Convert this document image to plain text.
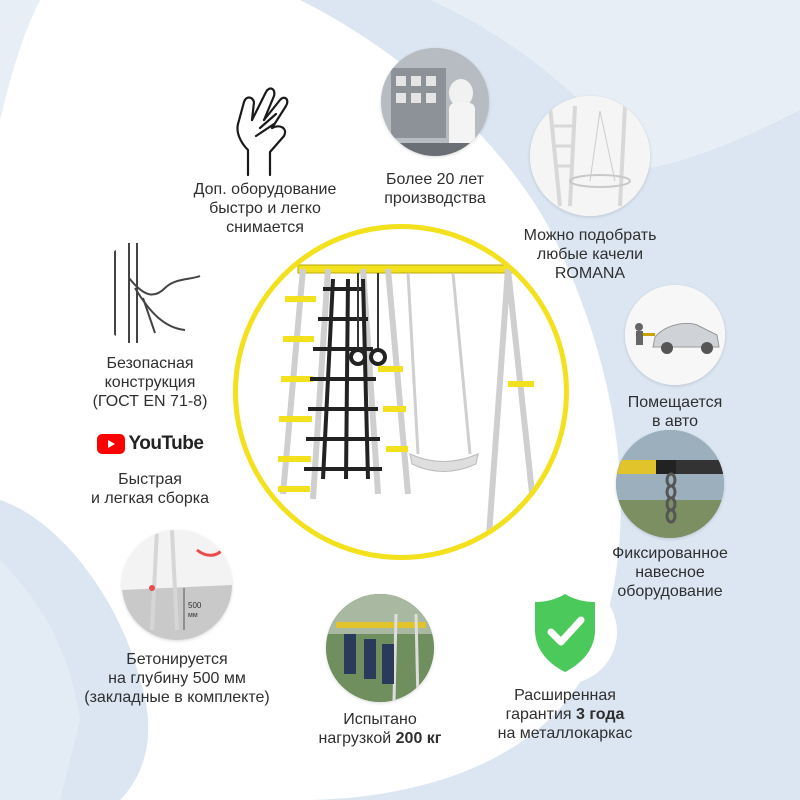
Доп. оборудование
быстро и легко
снимается
Более 20 лет
производства
Можно подобрать
любые качели
ROMANA
Безопасная
конструкция
(ГОСТ EN 71-8)	Помещается
в авто
YouTube
Быстрая
и легкая сборка
Фиксированное
навесное
оборудование
500
мм
Бетонируется
на глубину 500 мм
(закладные в комплекте)
Испытано
нагрузкой 200 кг
Расширенная
гарантия 3 года
на металлокаркас
